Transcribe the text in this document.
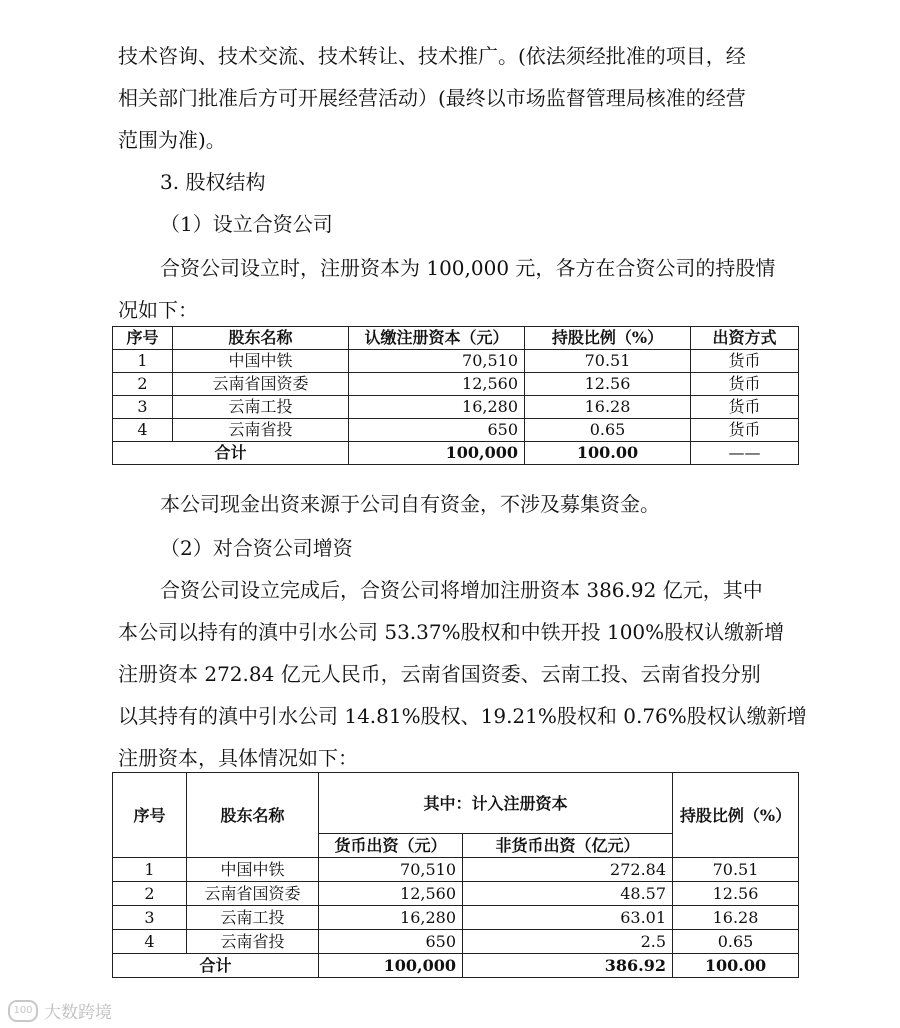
技术咨询、技术交流、技术转让、技术推广。(依法须经批准的项目，经

相关部门批准后方可开展经营活动）(最终以市场监督管理局核准的经营

范围为准)。

3. 股权结构

（1）设立合资公司

合资公司设立时，注册资本为 100,000 元，各方在合资公司的持股情

况如下：

序号	股东名称	认缴注册资本（元）	持股比例（%）	出资方式
1	中国中铁	70,510	70.51	货币
2	云南省国资委	12,560	12.56	货币
3	云南工投	16,280	16.28	货币
4	云南省投	650	0.65	货币
合计		100,000	100.00	——

本公司现金出资来源于公司自有资金，不涉及募集资金。

（2）对合资公司增资

合资公司设立完成后，合资公司将增加注册资本 386.92 亿元，其中

本公司以持有的滇中引水公司 53.37%股权和中铁开投 100%股权认缴新增

注册资本 272.84 亿元人民币，云南省国资委、云南工投、云南省投分别

以其持有的滇中引水公司 14.81%股权、19.21%股权和 0.76%股权认缴新增

注册资本，具体情况如下：

序号	股东名称	其中：计入注册资本		持股比例（%）
		货币出资（元）	非货币出资（亿元）	
1	中国中铁	70,510	272.84	70.51
2	云南省国资委	12,560	48.57	12.56
3	云南工投	16,280	63.01	16.28
4	云南省投	650	2.5	0.65
合计		100,000	386.92	100.00
100 大数跨境
